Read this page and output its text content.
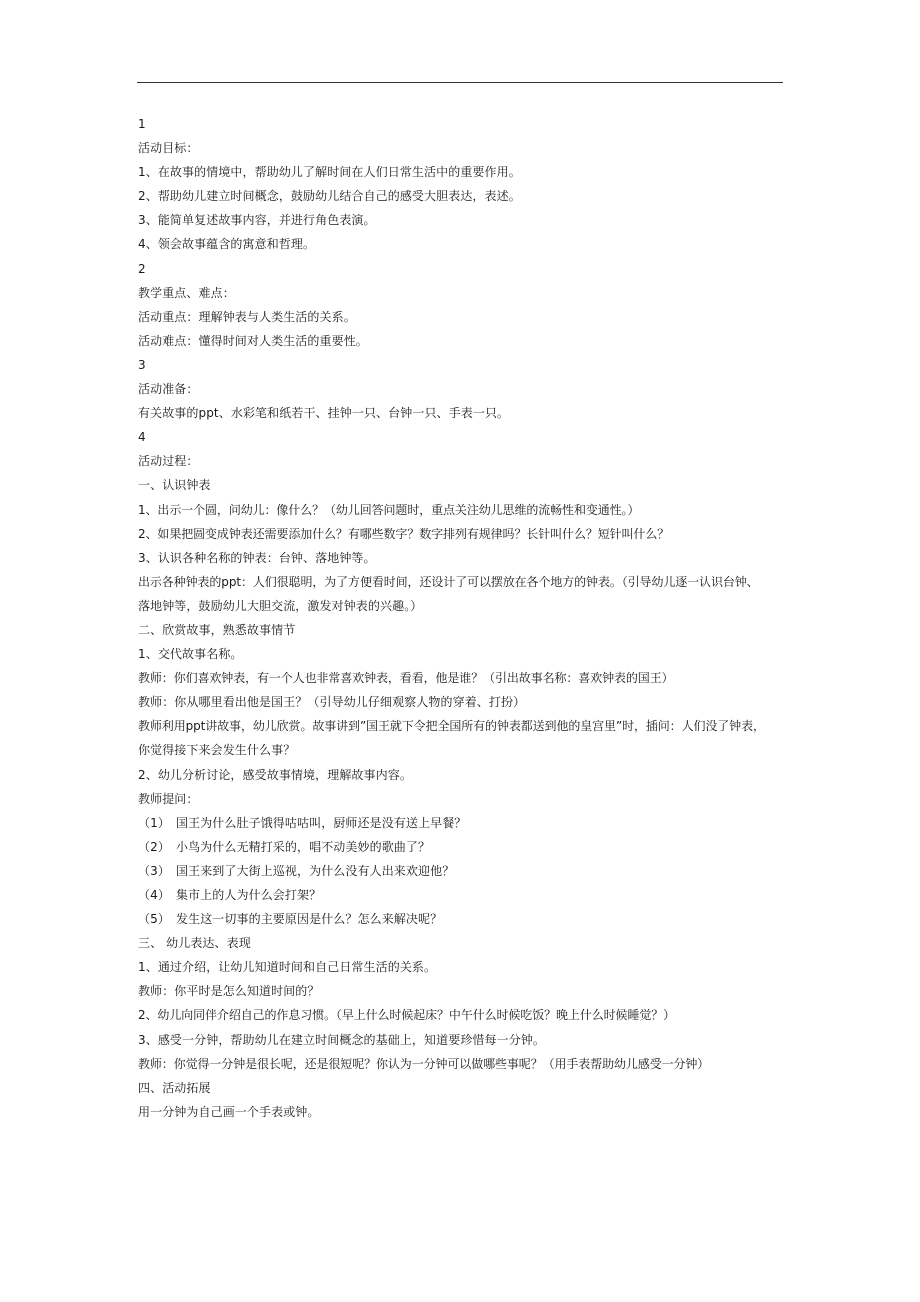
1
活动目标：
1、在故事的情境中，帮助幼儿了解时间在人们日常生活中的重要作用。
2、帮助幼儿建立时间概念，鼓励幼儿结合自己的感受大胆表达，表述。
3、能简单复述故事内容，并进行角色表演。
4、领会故事蕴含的寓意和哲理。
2
教学重点、难点：
活动重点：理解钟表与人类生活的关系。
活动难点：懂得时间对人类生活的重要性。
3
活动准备：
有关故事的ppt、水彩笔和纸若干、挂钟一只、台钟一只、手表一只。
4
活动过程：
一、认识钟表
1、出示一个圆，问幼儿：像什么？（幼儿回答问题时，重点关注幼儿思维的流畅性和变通性。）
2、如果把圆变成钟表还需要添加什么？有哪些数字？数字排列有规律吗？长针叫什么？短针叫什么？
3、认识各种名称的钟表：台钟、落地钟等。
出示各种钟表的ppt：人们很聪明，为了方便看时间，还设计了可以摆放在各个地方的钟表。（引导幼儿逐一认识台钟、
落地钟等，鼓励幼儿大胆交流，激发对钟表的兴趣。）
二、欣赏故事，熟悉故事情节
1、交代故事名称。
教师：你们喜欢钟表，有一个人也非常喜欢钟表，看看，他是谁？（引出故事名称：喜欢钟表的国王）
教师：你从哪里看出他是国王？（引导幼儿仔细观察人物的穿着、打扮）
教师利用ppt讲故事，幼儿欣赏。故事讲到”国王就下令把全国所有的钟表都送到他的皇宫里”时，插问：人们没了钟表，
你觉得接下来会发生什么事？
2、幼儿分析讨论，感受故事情境，理解故事内容。
教师提问：
（1） 国王为什么肚子饿得咕咕叫，厨师还是没有送上早餐？
（2） 小鸟为什么无精打采的，唱不动美妙的歌曲了？
（3） 国王来到了大街上巡视，为什么没有人出来欢迎他？
（4） 集市上的人为什么会打架？
（5） 发生这一切事的主要原因是什么？怎么来解决呢？
三、 幼儿表达、表现
1、通过介绍，让幼儿知道时间和自己日常生活的关系。
教师：你平时是怎么知道时间的？
2、幼儿向同伴介绍自己的作息习惯。（早上什么时候起床？中午什么时候吃饭？晚上什么时候睡觉？）
3、感受一分钟，帮助幼儿在建立时间概念的基础上，知道要珍惜每一分钟。
教师：你觉得一分钟是很长呢，还是很短呢？你认为一分钟可以做哪些事呢？（用手表帮助幼儿感受一分钟）
四、活动拓展
用一分钟为自己画一个手表或钟。
